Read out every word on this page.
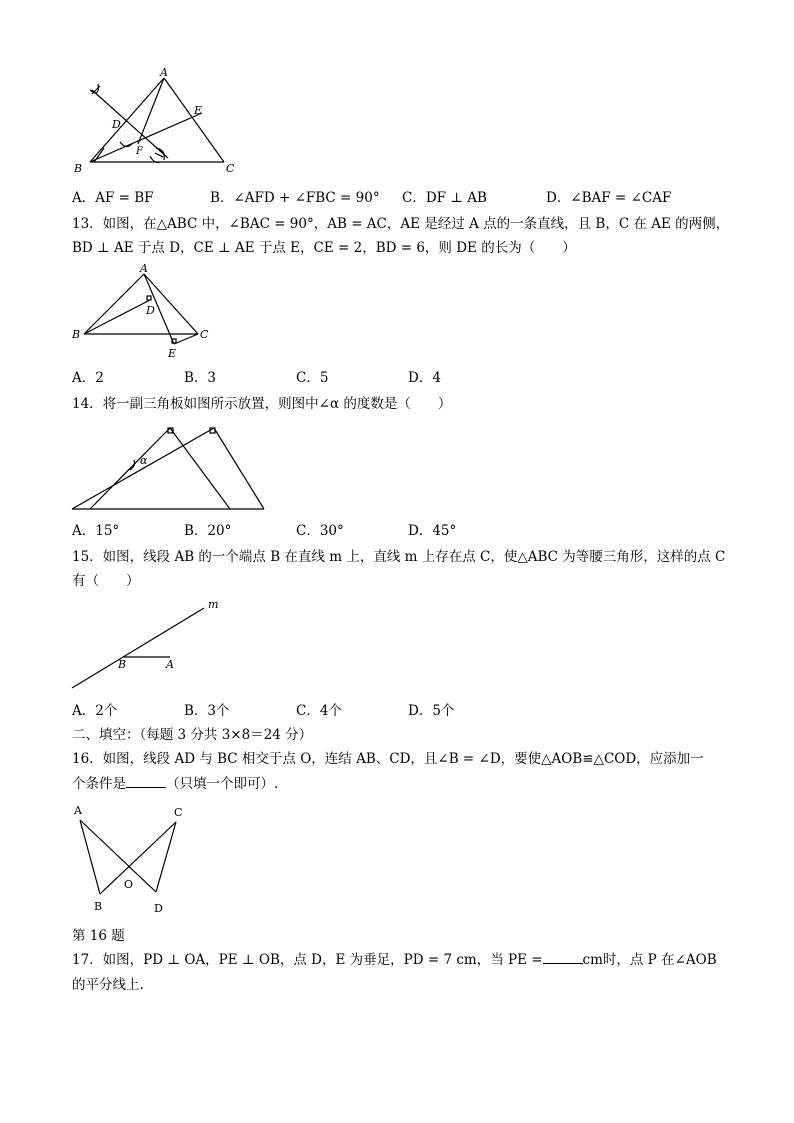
A
D
E
F
B	C
A．AF = BF	B．∠AFD + ∠FBC = 90° C．DF ⊥ AB	D．∠BAF = ∠CAF
13．如图，在△ABC 中，∠BAC = 90°，AB = AC，AE 是经过 A 点的一条直线，且 B，C 在 AE 的两侧，
BD ⊥ AE 于点 D，CE ⊥ AE 于点 E，CE = 2，BD = 6，则 DE 的长为（　　）
A
D
B	C
E
A．2	B．3	C．5	D．4
14．将一副三角板如图所示放置，则图中∠α 的度数是（　　）
α
A．15°	B．20°	C．30°	D．45°
15．如图，线段 AB 的一个端点 B 在直线 m 上，直线 m 上存在点 C，使△ABC 为等腰三角形，这样的点 C
有（　　）
m
B	A
A．2个	B．3个	C．4个	D．5个
二、填空：（每题 3 分共 3×8＝24 分）
16．如图，线段 AD 与 BC 相交于点 O，连结 AB、CD，且∠B = ∠D，要使△AOB≌△COD，应添加一
个条件是	（只填一个即可）.
A	C
O
B	D
第 16 题
17．如图，PD ⊥ OA，PE ⊥ OB，点 D，E 为垂足，PD = 7 cm，当 PE =	cm时，点 P 在∠AOB
的平分线上.
